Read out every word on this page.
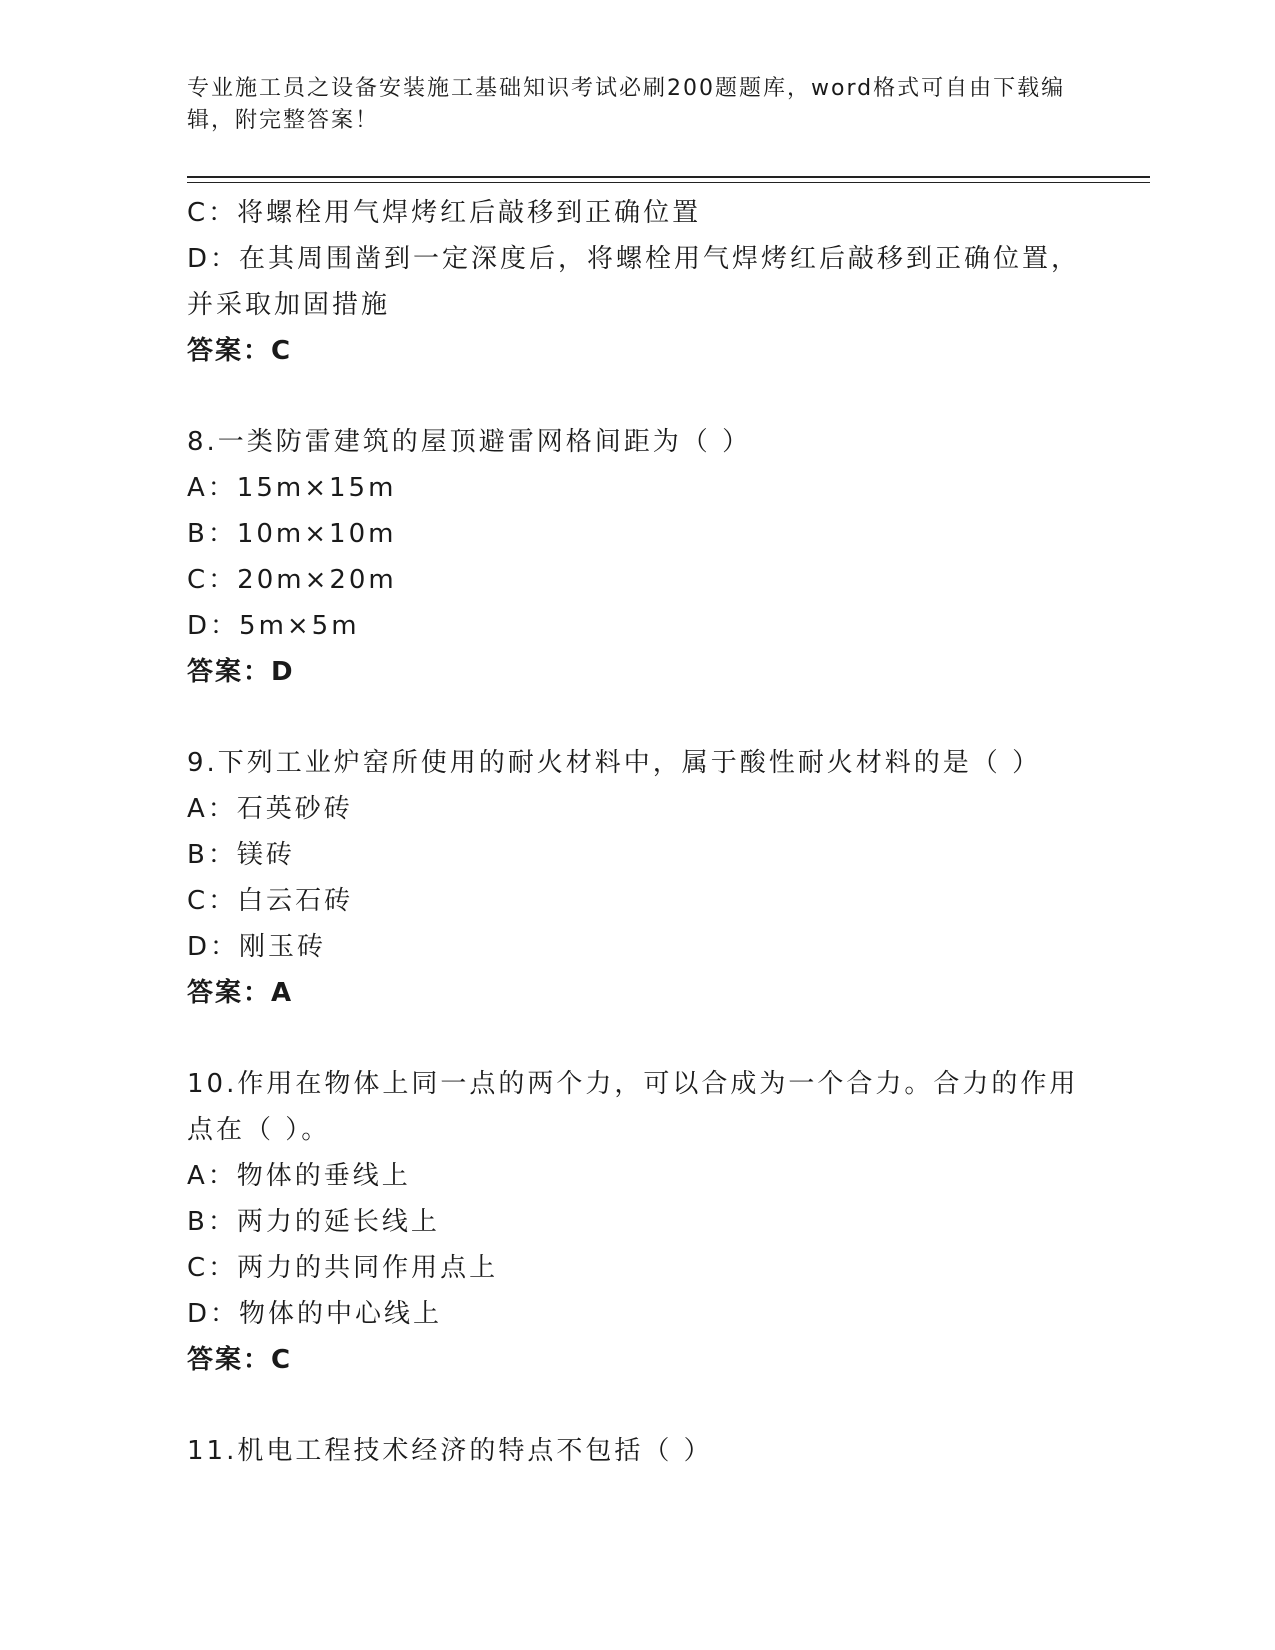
专业施工员之设备安装施工基础知识考试必刷200题题库，word格式可自由下载编辑，附完整答案！
C：将螺栓用气焊烤红后敲移到正确位置
D：在其周围凿到一定深度后，将螺栓用气焊烤红后敲移到正确位置，并采取加固措施
答案：C
8.一类防雷建筑的屋顶避雷网格间距为（ ）
A：15m×15m
B：10m×10m
C：20m×20m
D：5m×5m
答案：D
9.下列工业炉窑所使用的耐火材料中，属于酸性耐火材料的是（ ）
A：石英砂砖
B：镁砖
C：白云石砖
D：刚玉砖
答案：A
10.作用在物体上同一点的两个力，可以合成为一个合力。合力的作用点在（ ）。
A：物体的垂线上
B：两力的延长线上
C：两力的共同作用点上
D：物体的中心线上
答案：C
11.机电工程技术经济的特点不包括（ ）
